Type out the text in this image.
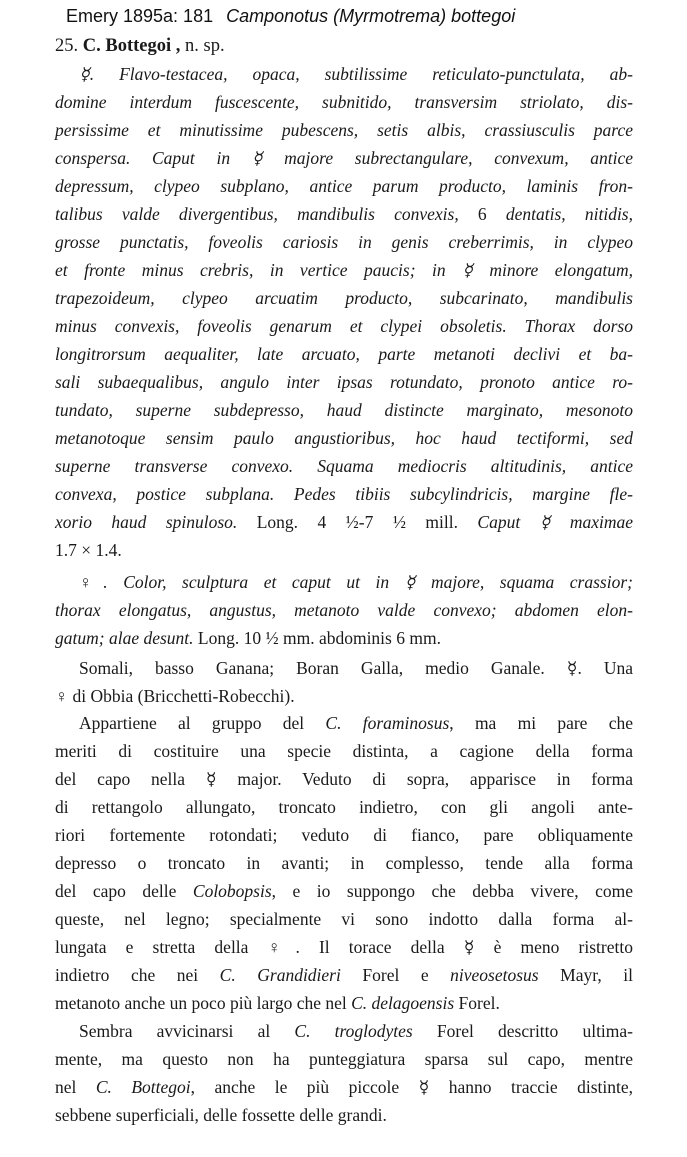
Emery 1895a: 181 Camponotus (Myrmotrema) bottegoi
25. C. Bottegoi , n. sp.
☿. Flavo-testacea, opaca, subtilissime reticulato-punctulata, ab-
domine interdum fuscescente, subnitido, transversim striolato, dis-
persissime et minutissime pubescens, setis albis, crassiusculis parce
conspersa. Caput in ☿ majore subrectangulare, convexum, antice
depressum, clypeo subplano, antice parum producto, laminis fron-
talibus valde divergentibus, mandibulis convexis, 6 dentatis, nitidis,
grosse punctatis, foveolis cariosis in genis creberrimis, in clypeo
et fronte minus crebris, in vertice paucis; in ☿ minore elongatum,
trapezoideum, clypeo arcuatim producto, subcarinato, mandibulis
minus convexis, foveolis genarum et clypei obsoletis. Thorax dorso
longitrorsum aequaliter, late arcuato, parte metanoti declivi et ba-
sali subaequalibus, angulo inter ipsas rotundato, pronoto antice ro-
tundato, superne subdepresso, haud distincte marginato, mesonoto
metanotoque sensim paulo angustioribus, hoc haud tectiformi, sed
superne transverse convexo. Squama mediocris altitudinis, antice
convexa, postice subplana. Pedes tibiis subcylindricis, margine fle-
xorio haud spinuloso. Long. 4 ½-7 ½ mill. Caput ☿ maximae
1.7 × 1.4.
♀. Color, sculptura et caput ut in ☿ majore, squama crassior;
thorax elongatus, angustus, metanoto valde convexo; abdomen elon-
gatum; alae desunt. Long. 10 ½ mm. abdominis 6 mm.
Somali, basso Ganana; Boran Galla, medio Ganale. ☿. Una
♀ di Obbia (Bricchetti-Robecchi).
Appartiene al gruppo del C. foraminosus, ma mi pare che
meriti di costituire una specie distinta, a cagione della forma
del capo nella ☿ major. Veduto di sopra, apparisce in forma
di rettangolo allungato, troncato indietro, con gli angoli ante-
riori fortemente rotondati; veduto di fianco, pare obliquamente
depresso o troncato in avanti; in complesso, tende alla forma
del capo delle Colobopsis, e io suppongo che debba vivere, come
queste, nel legno; specialmente vi sono indotto dalla forma al-
lungata e stretta della ♀. Il torace della ☿ è meno ristretto
indietro che nei C. Grandidieri Forel e niveosetosus Mayr, il
metanoto anche un poco più largo che nel C. delagoensis Forel.
Sembra avvicinarsi al C. troglodytes Forel descritto ultima-
mente, ma questo non ha punteggiatura sparsa sul capo, mentre
nel C. Bottegoi, anche le più piccole ☿ hanno traccie distinte,
sebbene superficiali, delle fossette delle grandi.
